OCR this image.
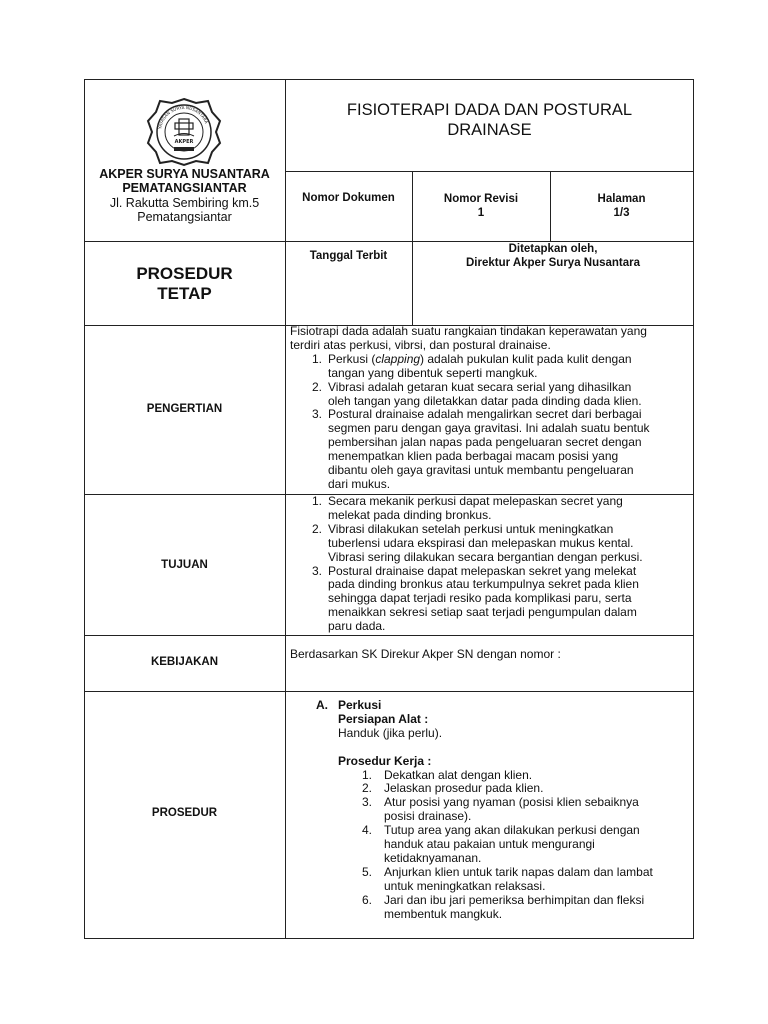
YAYASAN SURYA NUSANTARA
AKPER
AKPER SURYA NUSANTARA
PEMATANGSIANTAR
Jl. Rakutta Sembiring km.5
Pematangsiantar
FISIOTERAPI DADA DAN POSTURAL
DRAINASE
Nomor Dokumen	Nomor Revisi
1
Halaman
1/3
PROSEDUR
TETAP
Tanggal Terbit
Ditetapkan oleh,
Direktur Akper Surya Nusantara
PENGERTIAN
Fisiotrapi dada adalah suatu rangkaian tindakan keperawatan yang
terdiri atas perkusi, vibrsi, dan postural drainaise.
1. Perkusi (clapping) adalah pukulan kulit pada kulit dengan
tangan yang dibentuk seperti mangkuk.
2. Vibrasi adalah getaran kuat secara serial yang dihasilkan
oleh tangan yang diletakkan datar pada dinding dada klien.
3. Postural drainaise adalah mengalirkan secret dari berbagai
segmen paru dengan gaya gravitasi. Ini adalah suatu bentuk
pembersihan jalan napas pada pengeluaran secret dengan
menempatkan klien pada berbagai macam posisi yang
dibantu oleh gaya gravitasi untuk membantu pengeluaran
dari mukus.
TUJUAN
1. Secara mekanik perkusi dapat melepaskan secret yang
melekat pada dinding bronkus.
2. Vibrasi dilakukan setelah perkusi untuk meningkatkan
tuberlensi udara ekspirasi dan melepaskan mukus kental.
Vibrasi sering dilakukan secara bergantian dengan perkusi.
3. Postural drainaise dapat melepaskan sekret yang melekat
pada dinding bronkus atau terkumpulnya sekret pada klien
sehingga dapat terjadi resiko pada komplikasi paru, serta
menaikkan sekresi setiap saat terjadi pengumpulan dalam
paru dada.
KEBIJAKAN
Berdasarkan SK Direkur Akper SN dengan nomor :
PROSEDUR
A. Perkusi
Persiapan Alat :
Handuk (jika perlu).
Prosedur Kerja :
1. Dekatkan alat dengan klien.
2. Jelaskan prosedur pada klien.
3. Atur posisi yang nyaman (posisi klien sebaiknya
posisi drainase).
4. Tutup area yang akan dilakukan perkusi dengan
handuk atau pakaian untuk mengurangi
ketidaknyamanan.
5. Anjurkan klien untuk tarik napas dalam dan lambat
untuk meningkatkan relaksasi.
6. Jari dan ibu jari pemeriksa berhimpitan dan fleksi
membentuk mangkuk.
